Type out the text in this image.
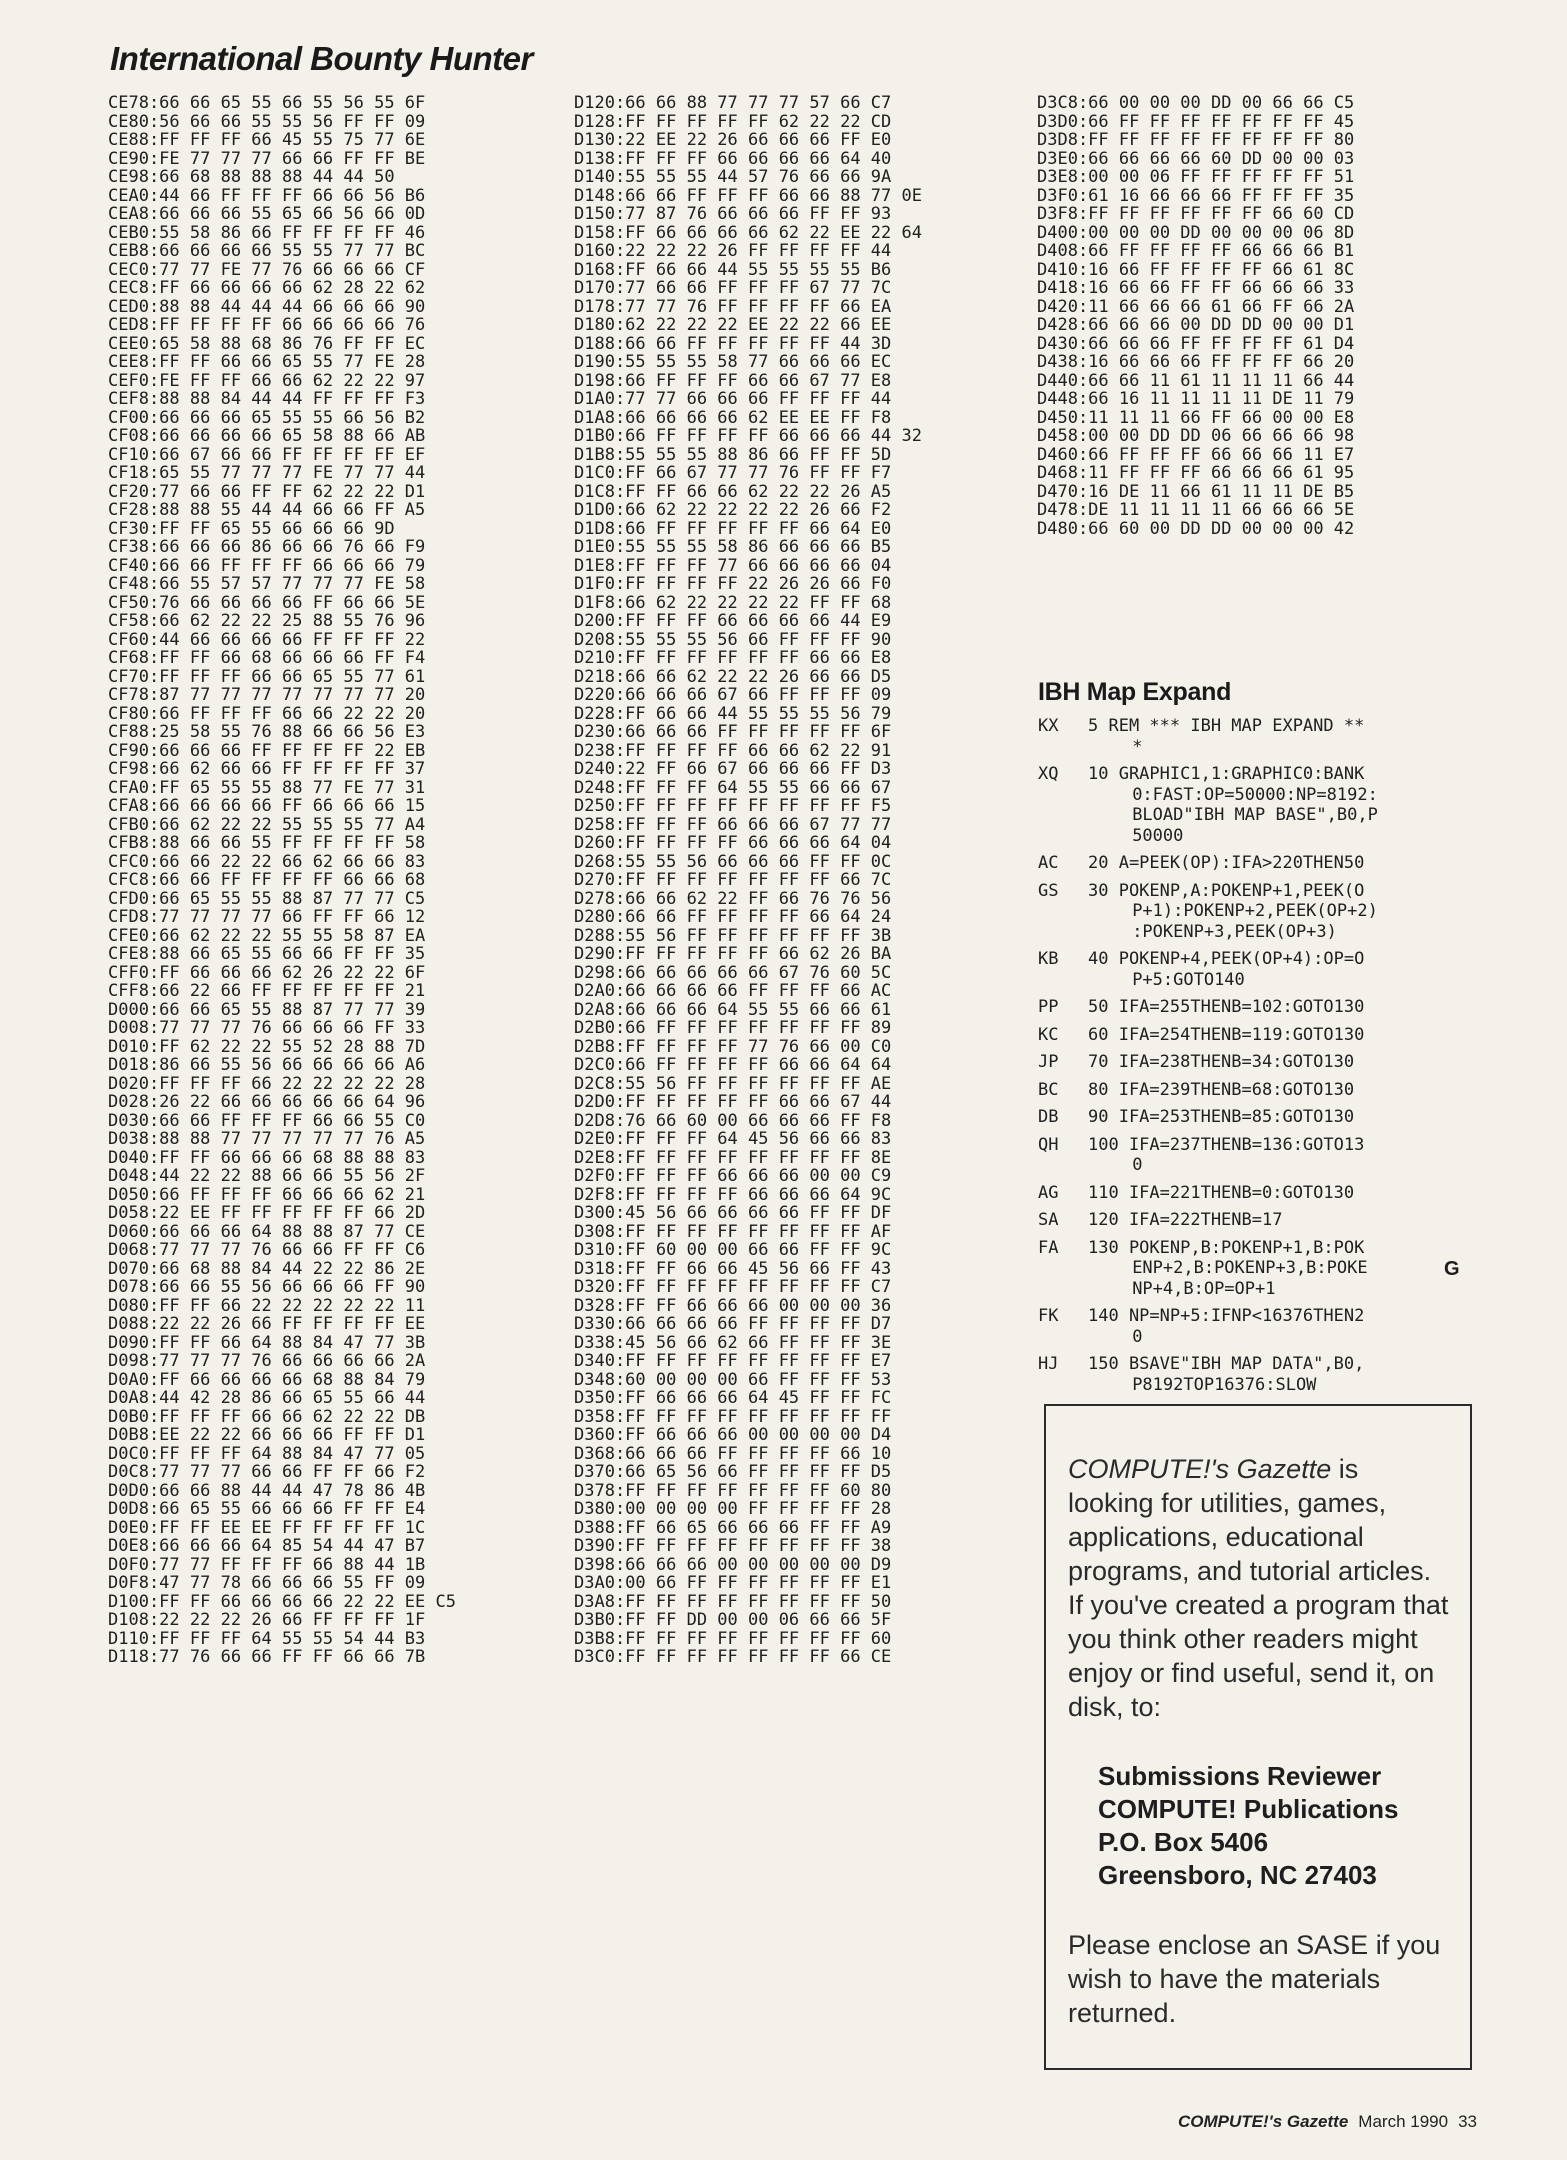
International Bounty Hunter
CE78:66 66 65 55 66 55 56 55 6F
CE80:56 66 66 55 55 56 FF FF 09
CE88:FF FF FF 66 45 55 75 77 6E
CE90:FE 77 77 77 66 66 FF FF BE
CE98:66 68 88 88 88 44 44 50
CEA0:44 66 FF FF FF 66 66 56 B6
CEA8:66 66 66 55 65 66 56 66 0D
CEB0:55 58 86 66 FF FF FF FF 46
CEB8:66 66 66 66 55 55 77 77 BC
CEC0:77 77 FE 77 76 66 66 66 CF
CEC8:FF 66 66 66 66 62 28 22 62
CED0:88 88 44 44 44 66 66 66 90
CED8:FF FF FF FF 66 66 66 66 76
CEE0:65 58 88 68 86 76 FF FF EC
CEE8:FF FF 66 66 65 55 77 FE 28
CEF0:FE FF FF 66 66 62 22 22 97
CEF8:88 88 84 44 44 FF FF FF F3
CF00:66 66 66 65 55 55 66 56 B2
CF08:66 66 66 66 65 58 88 66 AB
CF10:66 67 66 66 FF FF FF FF EF
CF18:65 55 77 77 77 FE 77 77 44
CF20:77 66 66 FF FF 62 22 22 D1
CF28:88 88 55 44 44 66 66 FF A5
CF30:FF FF 65 55 66 66 66 9D
CF38:66 66 66 86 66 66 76 66 F9
CF40:66 66 FF FF FF 66 66 66 79
CF48:66 55 57 57 77 77 77 FE 58
CF50:76 66 66 66 66 FF 66 66 5E
CF58:66 62 22 22 25 88 55 76 96
CF60:44 66 66 66 66 FF FF FF 22
CF68:FF FF 66 68 66 66 66 FF F4
CF70:FF FF FF 66 66 65 55 77 61
CF78:87 77 77 77 77 77 77 77 20
CF80:66 FF FF FF 66 66 22 22 20
CF88:25 58 55 76 88 66 66 56 E3
CF90:66 66 66 FF FF FF FF 22 EB
CF98:66 62 66 66 FF FF FF FF 37
CFA0:FF 65 55 55 88 77 FE 77 31
CFA8:66 66 66 66 FF 66 66 66 15
CFB0:66 62 22 22 55 55 55 77 A4
CFB8:88 66 66 55 FF FF FF FF 58
CFC0:66 66 22 22 66 62 66 66 83
CFC8:66 66 FF FF FF FF 66 66 68
CFD0:66 65 55 55 88 87 77 77 C5
CFD8:77 77 77 77 66 FF FF 66 12
CFE0:66 62 22 22 55 55 58 87 EA
CFE8:88 66 65 55 66 66 FF FF 35
CFF0:FF 66 66 66 62 26 22 22 6F
CFF8:66 22 66 FF FF FF FF FF 21
D000:66 66 65 55 88 87 77 77 39
D008:77 77 77 76 66 66 66 FF 33
D010:FF 62 22 22 55 52 28 88 7D
D018:86 66 55 56 66 66 66 66 A6
D020:FF FF FF 66 22 22 22 22 28
D028:26 22 66 66 66 66 66 64 96
D030:66 66 FF FF FF 66 66 55 C0
D038:88 88 77 77 77 77 77 76 A5
D040:FF FF 66 66 66 68 88 88 83
D048:44 22 22 88 66 66 55 56 2F
D050:66 FF FF FF 66 66 66 62 21
D058:22 EE FF FF FF FF FF 66 2D
D060:66 66 66 64 88 88 87 77 CE
D068:77 77 77 76 66 66 FF FF C6
D070:66 68 88 84 44 22 22 86 2E
D078:66 66 55 56 66 66 66 FF 90
D080:FF FF 66 22 22 22 22 22 11
D088:22 22 26 66 FF FF FF FF EE
D090:FF FF 66 64 88 84 47 77 3B
D098:77 77 77 76 66 66 66 66 2A
D0A0:FF 66 66 66 66 68 88 84 79
D0A8:44 42 28 86 66 65 55 66 44
D0B0:FF FF FF 66 66 62 22 22 DB
D0B8:EE 22 22 66 66 66 FF FF D1
D0C0:FF FF FF 64 88 84 47 77 05
D0C8:77 77 77 66 66 FF FF 66 F2
D0D0:66 66 88 44 44 47 78 86 4B
D0D8:66 65 55 66 66 66 FF FF E4
D0E0:FF FF EE EE FF FF FF FF 1C
D0E8:66 66 66 64 85 54 44 47 B7
D0F0:77 77 FF FF FF 66 88 44 1B
D0F8:47 77 78 66 66 66 55 FF 09
D100:FF FF 66 66 66 66 22 22 EE C5
D108:22 22 22 26 66 FF FF FF 1F
D110:FF FF FF 64 55 55 54 44 B3
D118:77 76 66 66 FF FF 66 66 7B
D120:66 66 88 77 77 77 57 66 C7
D128:FF FF FF FF FF 62 22 22 CD
D130:22 EE 22 26 66 66 66 FF E0
D138:FF FF FF 66 66 66 66 64 40
D140:55 55 55 44 57 76 66 66 9A
D148:66 66 FF FF FF 66 66 88 77 0E
D150:77 87 76 66 66 66 FF FF 93
D158:FF 66 66 66 66 62 22 EE 22 64
D160:22 22 22 26 FF FF FF FF 44
D168:FF 66 66 44 55 55 55 55 B6
D170:77 66 66 FF FF FF 67 77 7C
D178:77 77 76 FF FF FF FF 66 EA
D180:62 22 22 22 EE 22 22 66 EE
D188:66 66 FF FF FF FF FF 44 3D
D190:55 55 55 58 77 66 66 66 EC
D198:66 FF FF FF 66 66 67 77 E8
D1A0:77 77 66 66 66 FF FF FF 44
D1A8:66 66 66 66 62 EE EE FF F8
D1B0:66 FF FF FF FF 66 66 66 44 32
D1B8:55 55 55 88 86 66 FF FF 5D
D1C0:FF 66 67 77 77 76 FF FF F7
D1C8:FF FF 66 66 62 22 22 26 A5
D1D0:66 62 22 22 22 22 26 66 F2
D1D8:66 FF FF FF FF FF 66 64 E0
D1E0:55 55 55 58 86 66 66 66 B5
D1E8:FF FF FF 77 66 66 66 66 04
D1F0:FF FF FF FF 22 26 26 66 F0
D1F8:66 62 22 22 22 22 FF FF 68
D200:FF FF FF 66 66 66 66 44 E9
D208:55 55 55 56 66 FF FF FF 90
D210:FF FF FF FF FF FF 66 66 E8
D218:66 66 62 22 22 26 66 66 D5
D220:66 66 66 67 66 FF FF FF 09
D228:FF 66 66 44 55 55 55 56 79
D230:66 66 66 FF FF FF FF FF 6F
D238:FF FF FF FF 66 66 62 22 91
D240:22 FF 66 67 66 66 66 FF D3
D248:FF FF FF 64 55 55 66 66 67
D250:FF FF FF FF FF FF FF FF F5
D258:FF FF FF 66 66 66 67 77 77
D260:FF FF FF FF 66 66 66 64 04
D268:55 55 56 66 66 66 FF FF 0C
D270:FF FF FF FF FF FF FF 66 7C
D278:66 66 62 22 FF 66 76 76 56
D280:66 66 FF FF FF FF 66 64 24
D288:55 56 FF FF FF FF FF FF 3B
D290:FF FF FF FF FF 66 62 26 BA
D298:66 66 66 66 66 67 76 60 5C
D2A0:66 66 66 66 FF FF FF 66 AC
D2A8:66 66 66 64 55 55 66 66 61
D2B0:66 FF FF FF FF FF FF FF 89
D2B8:FF FF FF FF 77 76 66 00 C0
D2C0:66 FF FF FF FF 66 66 64 64
D2C8:55 56 FF FF FF FF FF FF AE
D2D0:FF FF FF FF FF 66 66 67 44
D2D8:76 66 60 00 66 66 66 FF F8
D2E0:FF FF FF 64 45 56 66 66 83
D2E8:FF FF FF FF FF FF FF FF 8E
D2F0:FF FF FF 66 66 66 00 00 C9
D2F8:FF FF FF FF 66 66 66 64 9C
D300:45 56 66 66 66 66 FF FF DF
D308:FF FF FF FF FF FF FF FF AF
D310:FF 60 00 00 66 66 FF FF 9C
D318:FF FF 66 66 45 56 66 FF 43
D320:FF FF FF FF FF FF FF FF C7
D328:FF FF 66 66 66 00 00 00 36
D330:66 66 66 66 FF FF FF FF D7
D338:45 56 66 62 66 FF FF FF 3E
D340:FF FF FF FF FF FF FF FF E7
D348:60 00 00 00 66 FF FF FF 53
D350:FF 66 66 66 64 45 FF FF FC
D358:FF FF FF FF FF FF FF FF FF
D360:FF 66 66 66 00 00 00 00 D4
D368:66 66 66 FF FF FF FF 66 10
D370:66 65 56 66 FF FF FF FF D5
D378:FF FF FF FF FF FF FF 60 80
D380:00 00 00 00 FF FF FF FF 28
D388:FF 66 65 66 66 66 FF FF A9
D390:FF FF FF FF FF FF FF FF 38
D398:66 66 66 00 00 00 00 00 D9
D3A0:00 66 FF FF FF FF FF FF E1
D3A8:FF FF FF FF FF FF FF FF 50
D3B0:FF FF DD 00 00 06 66 66 5F
D3B8:FF FF FF FF FF FF FF FF 60
D3C0:FF FF FF FF FF FF FF 66 CE
D3C8:66 00 00 00 DD 00 66 66 C5
D3D0:66 FF FF FF FF FF FF FF 45
D3D8:FF FF FF FF FF FF FF FF 80
D3E0:66 66 66 66 60 DD 00 00 03
D3E8:00 00 06 FF FF FF FF FF 51
D3F0:61 16 66 66 66 FF FF FF 35
D3F8:FF FF FF FF FF FF 66 60 CD
D400:00 00 00 DD 00 00 00 06 8D
D408:66 FF FF FF FF 66 66 66 B1
D410:16 66 FF FF FF FF 66 61 8C
D418:16 66 66 FF FF 66 66 66 33
D420:11 66 66 66 61 66 FF 66 2A
D428:66 66 66 00 DD DD 00 00 D1
D430:66 66 66 FF FF FF FF 61 D4
D438:16 66 66 66 FF FF FF 66 20
D440:66 66 11 61 11 11 11 66 44
D448:66 16 11 11 11 11 DE 11 79
D450:11 11 11 66 FF 66 00 00 E8
D458:00 00 DD DD 06 66 66 66 98
D460:66 FF FF FF 66 66 66 11 E7
D468:11 FF FF FF 66 66 66 61 95
D470:16 DE 11 66 61 11 11 DE B5
D478:DE 11 11 11 11 66 66 66 5E
D480:66 60 00 DD DD 00 00 00 42
IBH Map Expand
KX	5 REM *** IBH MAP EXPAND **
*
XQ	10 GRAPHIC1,1:GRAPHIC0:BANK
0:FAST:OP=50000:NP=8192:
BLOAD"IBH MAP BASE",B0,P
50000
AC	20 A=PEEK(OP):IFA>220THEN50
GS	30 POKENP,A:POKENP+1,PEEK(O
P+1):POKENP+2,PEEK(OP+2)
:POKENP+3,PEEK(OP+3)
KB	40 POKENP+4,PEEK(OP+4):OP=O
P+5:GOTO140
PP	50 IFA=255THENB=102:GOTO130
KC	60 IFA=254THENB=119:GOTO130
JP	70 IFA=238THENB=34:GOTO130
BC	80 IFA=239THENB=68:GOTO130
DB	90 IFA=253THENB=85:GOTO130
QH	100 IFA=237THENB=136:GOTO13
0
AG	110 IFA=221THENB=0:GOTO130
SA	120 IFA=222THENB=17
FA	130 POKENP,B:POKENP+1,B:POK
ENP+2,B:POKENP+3,B:POKE
NP+4,B:OP=OP+1
FK	140 NP=NP+5:IFNP<16376THEN2
0
HJ	150 BSAVE"IBH MAP DATA",B0,
P8192TOP16376:SLOW
G

COMPUTE!'s Gazette is looking for utilities, games, applications, educational programs, and tutorial articles. If you've created a program that you think other readers might enjoy or find useful, send it, on disk, to:

Submissions Reviewer
COMPUTE! Publications
P.O. Box 5406
Greensboro, NC 27403

Please enclose an SASE if you wish to have the materials returned.

COMPUTE!'s Gazette March 1990 33
